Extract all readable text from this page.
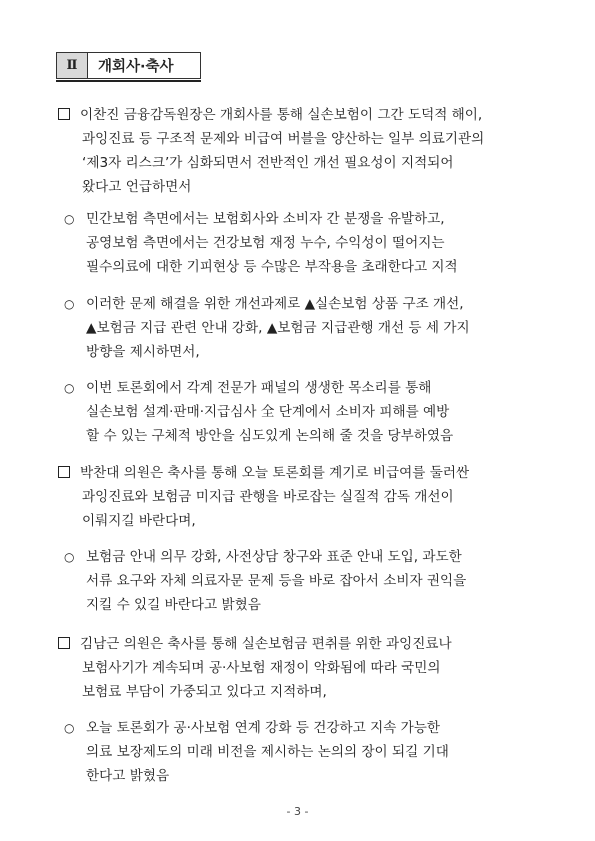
Ⅱ	개회사·축사
이찬진 금융감독원장은 개회사를 통해 실손보험이 그간 도덕적 해이,
과잉진료 등 구조적 문제와 비급여 버블을 양산하는 일부 의료기관의
‘제3자 리스크’가 심화되면서 전반적인 개선 필요성이 지적되어
왔다고 언급하면서
○ 민간보험 측면에서는 보험회사와 소비자 간 분쟁을 유발하고,
공영보험 측면에서는 건강보험 재정 누수, 수익성이 떨어지는
필수의료에 대한 기피현상 등 수많은 부작용을 초래한다고 지적
○ 이러한 문제 해결을 위한 개선과제로 ▲실손보험 상품 구조 개선,
▲보험금 지급 관련 안내 강화, ▲보험금 지급관행 개선 등 세 가지
방향을 제시하면서,
○ 이번 토론회에서 각계 전문가 패널의 생생한 목소리를 통해
실손보험 설계·판매·지급심사 全 단계에서 소비자 피해를 예방
할 수 있는 구체적 방안을 심도있게 논의해 줄 것을 당부하였음
박찬대 의원은 축사를 통해 오늘 토론회를 계기로 비급여를 둘러싼
과잉진료와 보험금 미지급 관행을 바로잡는 실질적 감독 개선이
이뤄지길 바란다며,
○ 보험금 안내 의무 강화, 사전상담 창구와 표준 안내 도입, 과도한
서류 요구와 자체 의료자문 문제 등을 바로 잡아서 소비자 권익을
지킬 수 있길 바란다고 밝혔음
김남근 의원은 축사를 통해 실손보험금 편취를 위한 과잉진료나
보험사기가 계속되며 공·사보험 재정이 악화됨에 따라 국민의
보험료 부담이 가중되고 있다고 지적하며,
○ 오늘 토론회가 공·사보험 연계 강화 등 건강하고 지속 가능한
의료 보장제도의 미래 비전을 제시하는 논의의 장이 되길 기대
한다고 밝혔음
- 3 -
